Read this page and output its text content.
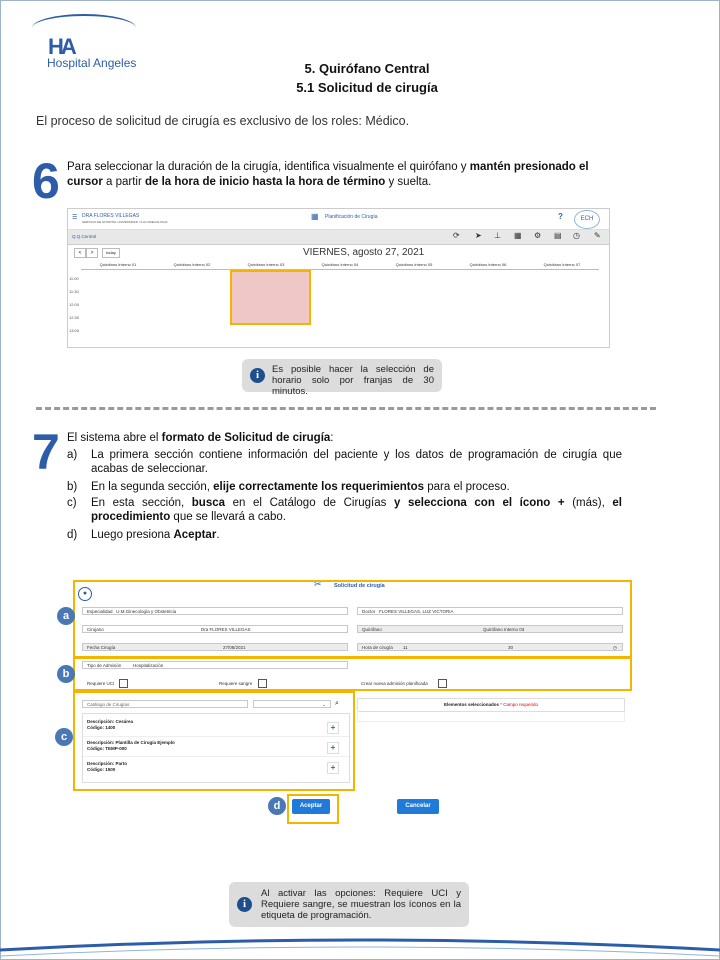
HA
Hospital Angeles	5. Quirófano Central
5.1 Solicitud de cirugía
El proceso de solicitud de cirugía es exclusivo de los roles: Médico.
6 Para seleccionar la duración de la cirugía, identifica visualmente el quirófano y mantén presionado el cursor a partir de la hora de inicio hasta la hora de término y suelta.
☰ DRA FLORES VILLEGAS
SERVICIO DE HOSPITAL UNIVERSIDAD / ILIA GINECOLOGIA
▦ Planificación de Cirugía	?	ECH
Q.Q.Central	⟳ ➤ ⊥ ▦ ⚙ ▤ ◷ ✎
<	>	today	VIERNES, agosto 27, 2021
Quirófano Interno 01	Quirófano Interno 02	Quirófano Interno 03	Quirófano Interno 04	Quirófano Interno 05	Quirófano Interno 06	Quirófano Interno 07
11:00
11:30
12:00
12:30
13:00
i	Es posible hacer la selección de horario solo por franjas de 30 minutos.
7 El sistema abre el formato de Solicitud de cirugía:
a) La primera sección contiene información del paciente y los datos de programación de cirugía que acabas de seleccionar.
b) En la segunda sección, elije correctamente los requerimientos para el proceso.
c) En esta sección, busca en el Catálogo de Cirugías y selecciona con el ícono + (más), el procedimiento que se llevará a cabo.
d) Luego presiona Aceptar.
✂ Solicitud de cirugía
●
Especialidad U.M.Ginecología y Obstetricia	Doctor FLORES VILLEGAS, LUZ VICTORIA
Cirujano	Dra FLORES VILLEGAS	Quirófano	Quirófano Interno 03
Fecha Cirugía	27/08/2021	Hora de cirugía 11	30	◷
a
Tipo de Admisión	Hospitalización
Requiere UCI	Requiere sangre	Crear nueva admisión planificada
b
Catálogo de Cirugías	⌄ ⌕
Descripción: Cesárea
Código: 1400	+
Descripción: Plantilla de Cirugía Ejemplo
Código: TEMP-000	+
Descripción: Parto
Código: 1500	+
Elementos seleccionados * Campo requerido
c
Aceptar	Cancelar
d
i
Al activar las opciones: Requiere UCI y Requiere sangre, se muestran los íconos en la etiqueta de programación.
